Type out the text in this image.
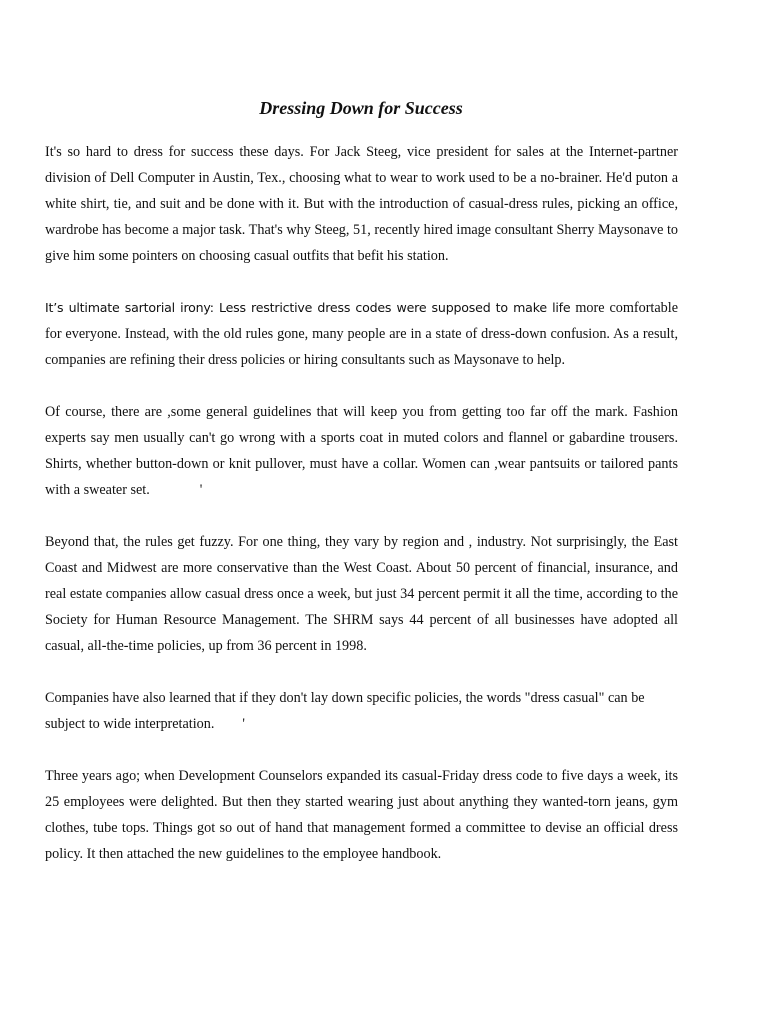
Dressing Down for Success

It's so hard to dress for success these days. For Jack Steeg, vice president for sales at the Internet-partner division of Dell Computer in Austin, Tex., choosing what to wear to work used to be a no-brainer. He'd puton a white shirt, tie, and suit and be done with it. But with the introduction of casual-dress rules, picking an office, wardrobe has become a major task. That's why Steeg, 51, recently hired image consultant Sherry Maysonave to give him some pointers on choosing casual outfits that befit his station.

It’s ultimate sartorial irony: Less restrictive dress codes were supposed to make life more comfortable for everyone. Instead, with the old rules gone, many people are in a state of dress-down confusion. As a result, companies are refining their dress policies or hiring consultants such as Maysonave to help.

Of course, there are ,some general guidelines that will keep you from getting too far off the mark. Fashion experts say men usually can't go wrong with a sports coat in muted colors and flannel or gabardine trousers. Shirts, whether button-down or knit pullover, must have a collar. Women can ,wear pantsuits or tailored pants with a sweater set.	'

Beyond that, the rules get fuzzy. For one thing, they vary by region and , industry. Not surprisingly, the East Coast and Midwest are more conservative than the West Coast. About 50 percent of financial, insurance, and real estate companies allow casual dress once a week, but just 34 percent permit it all the time, according to the Society for Human Resource Management. The SHRM says 44 percent of all businesses have adopted all casual, all-the-time policies, up from 36 percent in 1998.

Companies have also learned that if they don't lay down specific policies, the words "dress casual" can be subject to wide interpretation. '

Three years ago; when Development Counselors expanded its casual-Friday dress code to five days a week, its 25 employees were delighted. But then they started wearing just about anything they wanted-torn jeans, gym clothes, tube tops. Things got so out of hand that management formed a committee to devise an official dress policy. It then attached the new guidelines to the employee handbook.
